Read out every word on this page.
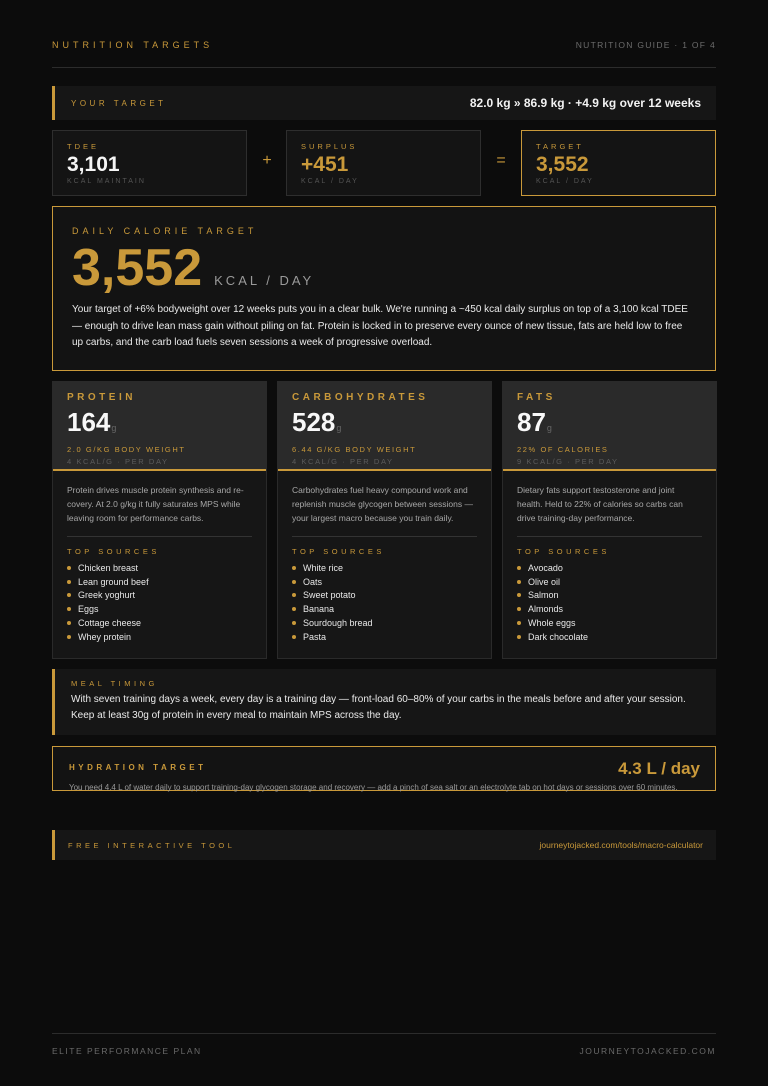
NUTRITION TARGETS	NUTRITION GUIDE · 1 OF 4
YOUR TARGET	82.0 kg » 86.9 kg · +4.9 kg over 12 weeks
TDEE
3,101
KCAL MAINTAIN
+
SURPLUS
+451
KCAL / DAY
=
TARGET
3,552
KCAL / DAY
DAILY CALORIE TARGET
3,552 KCAL / DAY

Your target of +6% bodyweight over 12 weeks puts you in a clear bulk. We're running a ~450 kcal daily surplus on top of a 3,100 kcal TDEE — enough to drive lean mass gain without piling on fat. Protein is locked in to preserve every ounce of new tissue, fats are held low to free up carbs, and the carb load fuels seven sessions a week of progressive overload.

PROTEIN
164g
2.0 G/KG BODY WEIGHT
4 KCAL/G · PER DAY
Protein drives muscle protein synthesis and re-covery. At 2.0 g/kg it fully saturates MPS while leaving room for performance carbs.
TOP SOURCES
Chicken breast
Lean ground beef
Greek yoghurt
Eggs
Cottage cheese
Whey protein
CARBOHYDRATES
528g
6.44 G/KG BODY WEIGHT
4 KCAL/G · PER DAY
Carbohydrates fuel heavy compound work and replenish muscle glycogen between sessions — your largest macro because you train daily.
TOP SOURCES
White rice
Oats
Sweet potato
Banana
Sourdough bread
Pasta
FATS
87g
22% OF CALORIES
9 KCAL/G · PER DAY
Dietary fats support testosterone and joint health. Held to 22% of calories so carbs can drive training-day performance.
TOP SOURCES
Avocado
Olive oil
Salmon
Almonds
Whole eggs
Dark chocolate
MEAL TIMING

With seven training days a week, every day is a training day — front-load 60–80% of your carbs in the meals before and after your session. Keep at least 30g of protein in every meal to maintain MPS across the day.

HYDRATION TARGET	4.3 L / day

You need 4.4 L of water daily to support training-day glycogen storage and recovery — add a pinch of sea salt or an electrolyte tab on hot days or sessions over 60 minutes.

FREE INTERACTIVE TOOL	journeytojacked.com/tools/macro-calculator
ELITE PERFORMANCE PLAN	JOURNEYTOJACKED.COM
